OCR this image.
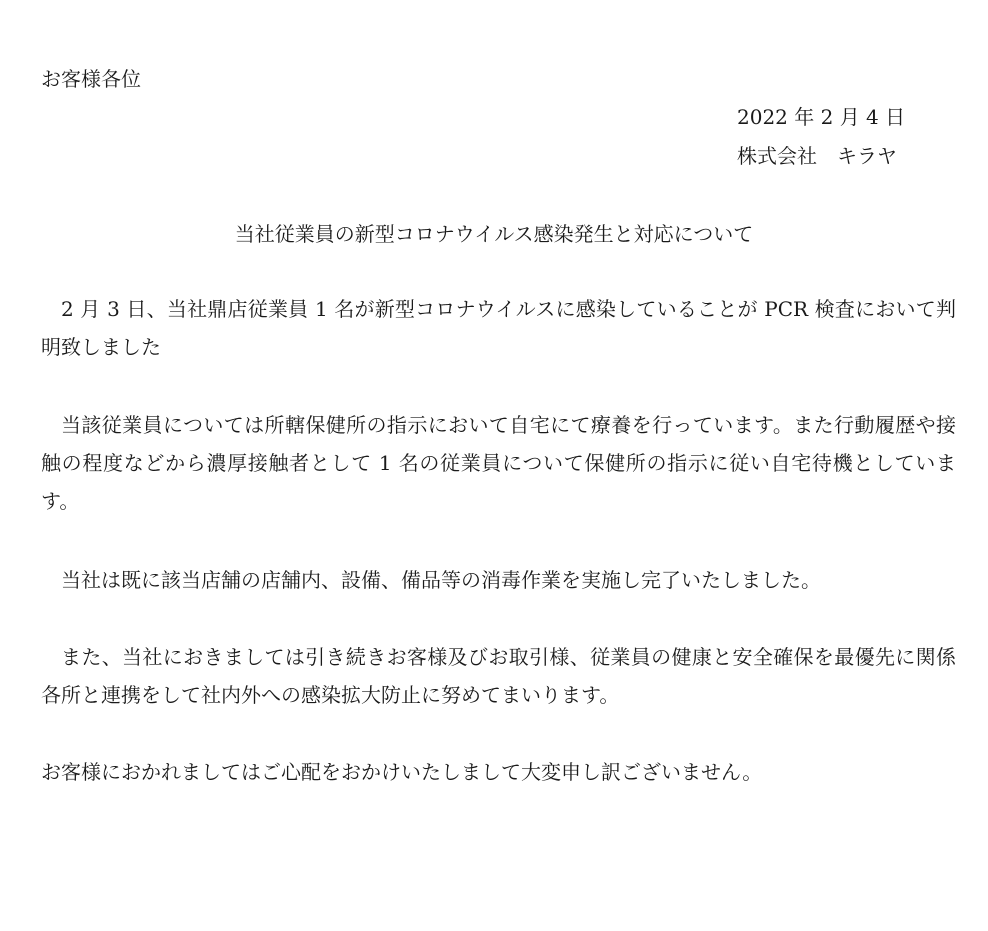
お客様各位
2022 年 2 月 4 日
株式会社　キラヤ
当社従業員の新型コロナウイルス感染発生と対応について
2 月 3 日、当社鼎店従業員 1 名が新型コロナウイルスに感染していることが PCR 検査において判明致しました
当該従業員については所轄保健所の指示において自宅にて療養を行っています。また行動履歴や接触の程度などから濃厚接触者として 1 名の従業員について保健所の指示に従い自宅待機としています。
当社は既に該当店舗の店舗内、設備、備品等の消毒作業を実施し完了いたしました。
また、当社におきましては引き続きお客様及びお取引様、従業員の健康と安全確保を最優先に関係各所と連携をして社内外への感染拡大防止に努めてまいります。
お客様におかれましてはご心配をおかけいたしまして大変申し訳ございません。
